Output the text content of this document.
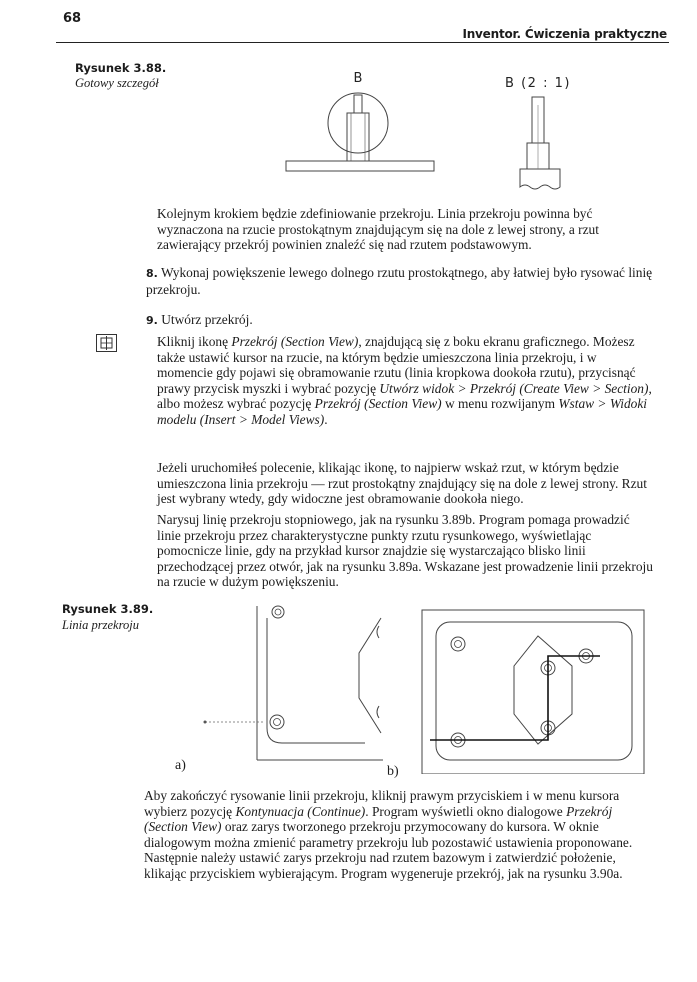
68
Inventor. Ćwiczenia praktyczne
Rysunek 3.88.
Gotowy szczegół	B	B (2 : 1)
Kolejnym krokiem będzie zdefiniowanie przekroju. Linia przekroju powinna być wyznaczona na rzucie prostokątnym znajdującym się na dole z lewej strony, a rzut zawierający przekrój powinien znaleźć się nad rzutem podstawowym.
8. Wykonaj powiększenie lewego dolnego rzutu prostokątnego, aby łatwiej było rysować linię przekroju.
9. Utwórz przekrój.
Kliknij ikonę Przekrój (Section View), znajdującą się z boku ekranu graficznego. Możesz także ustawić kursor na rzucie, na którym będzie umieszczona linia przekroju, i w momencie gdy pojawi się obramowanie rzutu (linia kropkowa dookoła rzutu), przycisnąć prawy przycisk myszki i wybrać pozycję Utwórz widok > Przekrój (Create View > Section), albo możesz wybrać pozycję Przekrój (Section View) w menu rozwijanym Wstaw > Widoki modelu (Insert > Model Views).
Jeżeli uruchomiłeś polecenie, klikając ikonę, to najpierw wskaż rzut, w którym będzie umieszczona linia przekroju — rzut prostokątny znajdujący się na dole z lewej strony. Rzut jest wybrany wtedy, gdy widoczne jest obramowanie dookoła niego.
Narysuj linię przekroju stopniowego, jak na rysunku 3.89b. Program pomaga prowadzić linie przekroju przez charakterystyczne punkty rzutu rysunkowego, wyświetlając pomocnicze linie, gdy na przykład kursor znajdzie się wystarczająco blisko linii przechodzącej przez otwór, jak na rysunku 3.89a. Wskazane jest prowadzenie linii przekroju na rzucie w dużym powiększeniu.
Rysunek 3.89.
Linia przekroju
a)	b)
Aby zakończyć rysowanie linii przekroju, kliknij prawym przyciskiem i w menu kursora wybierz pozycję Kontynuacja (Continue). Program wyświetli okno dialogowe Przekrój (Section View) oraz zarys tworzonego przekroju przymocowany do kursora. W oknie dialogowym można zmienić parametry przekroju lub pozostawić ustawienia proponowane. Następnie należy ustawić zarys przekroju nad rzutem bazowym i zatwierdzić położenie, klikając przyciskiem wybierającym. Program wygeneruje przekrój, jak na rysunku 3.90a.
